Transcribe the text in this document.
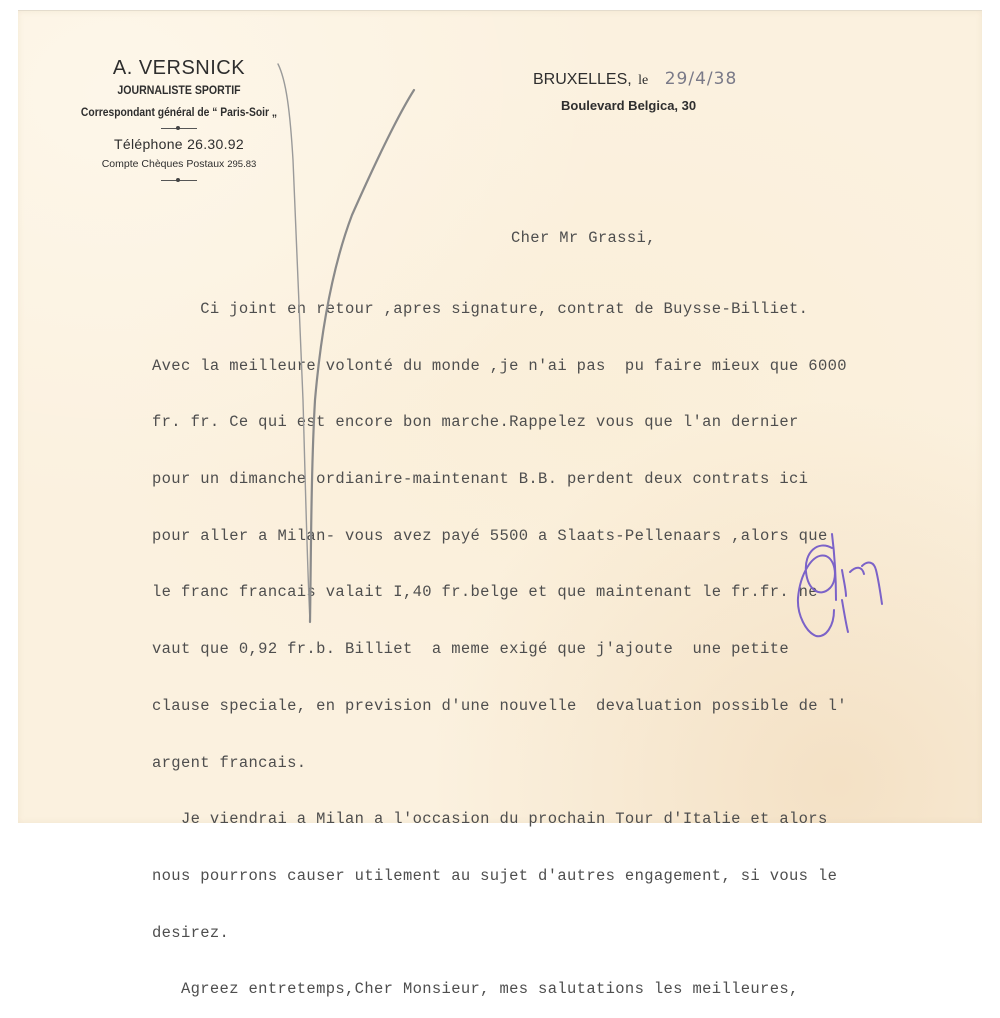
A. VERSNICK
JOURNALISTE SPORTIF
Correspondant général de “ Paris-Soir „
Téléphone 26.30.92
Compte Chèques Postaux 295.83
BRUXELLES, le 29/4/38
Boulevard Belgica, 30
Cher Mr Grassi,

Ci joint en retour ,apres signature, contrat de Buysse-Billiet.

Avec la meilleure volonté du monde ,je n'ai pas  pu faire mieux que 6000

fr. fr. Ce qui est encore bon marche.Rappelez vous que l'an dernier

pour un dimanche ordianire-maintenant B.B. perdent deux contrats ici

pour aller a Milan- vous avez payé 5500 a Slaats-Pellenaars ,alors que

le franc francais valait I,40 fr.belge et que maintenant le fr.fr. ne

vaut que 0,92 fr.b. Billiet  a meme exigé que j'ajoute  une petite

clause speciale, en prevision d'une nouvelle  devaluation possible de l'

argent francais.

Je viendrai a Milan a l'occasion du prochain Tour d'Italie et alors

nous pourrons causer utilement au sujet d'autres engagement, si vous le

desirez.

Agreez entretemps,Cher Monsieur, mes salutations les meilleures,
